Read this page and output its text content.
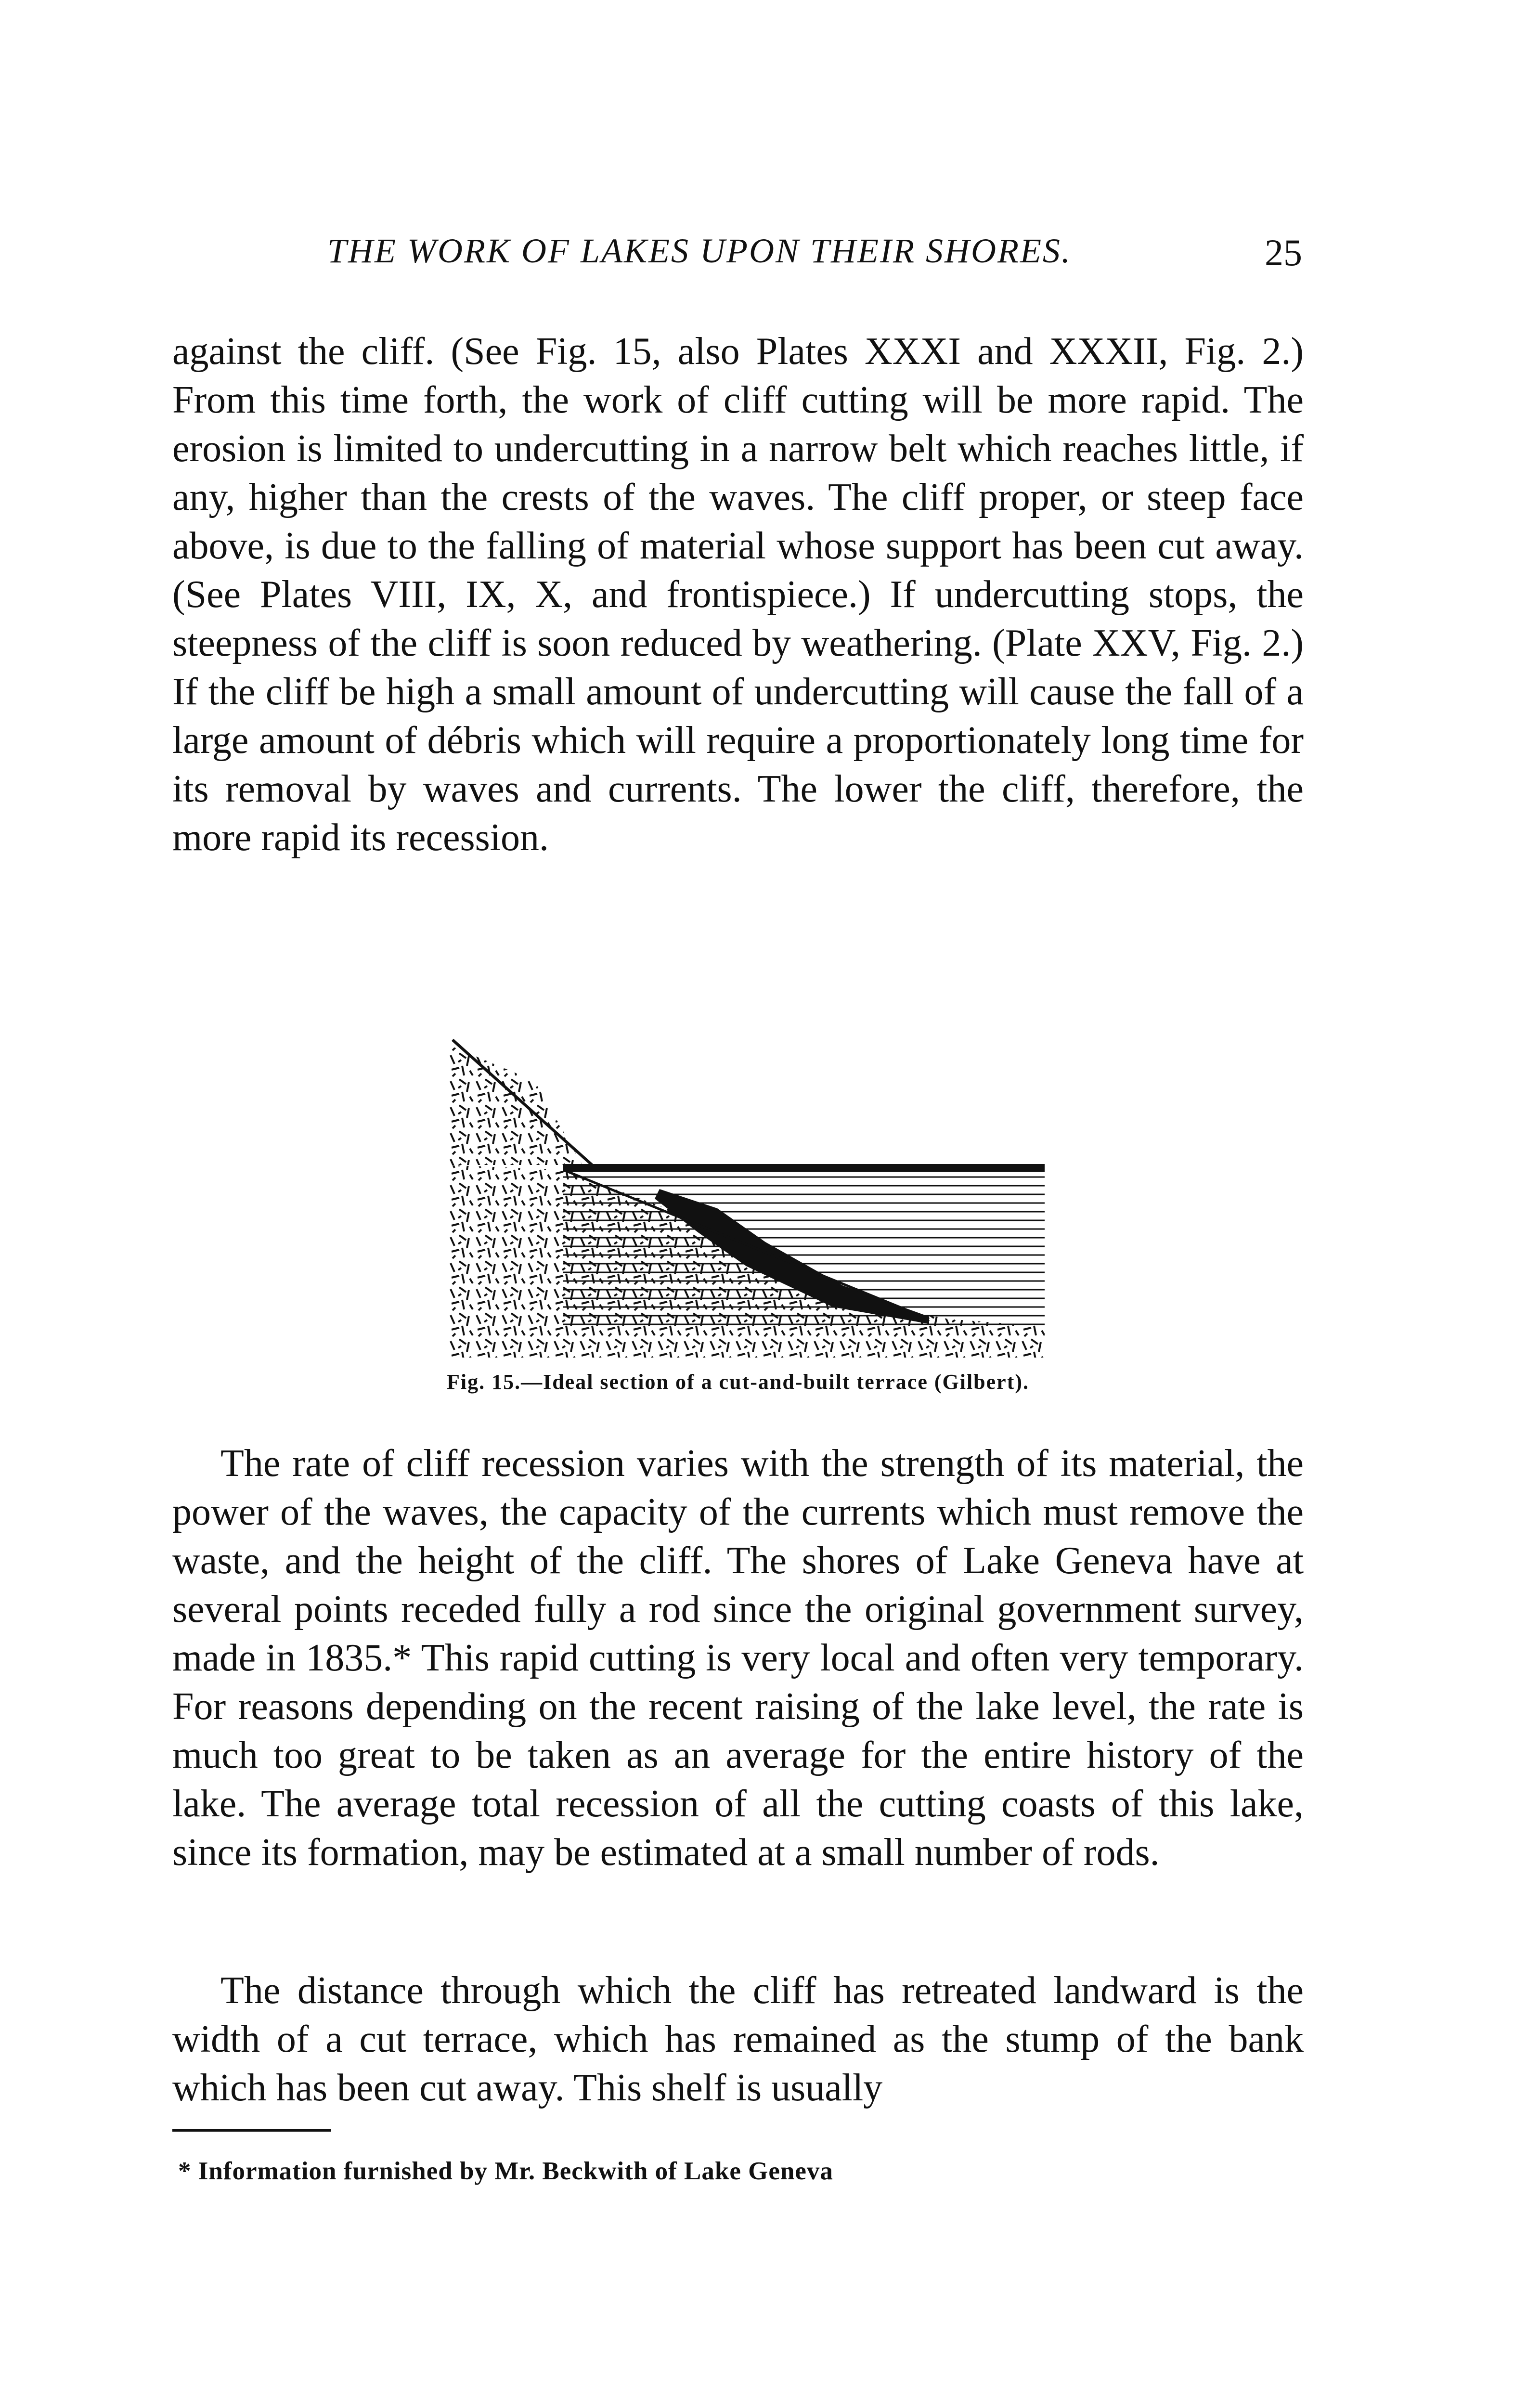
THE WORK OF LAKES UPON THEIR SHORES.	25

against the cliff. (See Fig. 15, also Plates XXXI and XXXII, Fig. 2.) From this time forth, the work of cliff cutting will be more rapid. The erosion is limited to undercutting in a narrow belt which reaches little, if any, higher than the crests of the waves. The cliff proper, or steep face above, is due to the falling of material whose support has been cut away. (See Plates VIII, IX, X, and frontispiece.) If undercutting stops, the steepness of the cliff is soon reduced by weathering. (Plate XXV, Fig. 2.) If the cliff be high a small amount of undercutting will cause the fall of a large amount of débris which will require a proportionately long time for its removal by waves and currents. The lower the cliff, therefore, the more rapid its recession.

Fig. 15.—Ideal section of a cut-and-built terrace (Gilbert).

The rate of cliff recession varies with the strength of its material, the power of the waves, the capacity of the currents which must remove the waste, and the height of the cliff. The shores of Lake Geneva have at several points receded fully a rod since the original government survey, made in 1835.* This rapid cutting is very local and often very temporary. For reasons depending on the recent raising of the lake level, the rate is much too great to be taken as an average for the entire history of the lake. The average total recession of all the cutting coasts of this lake, since its formation, may be estimated at a small number of rods.

The distance through which the cliff has retreated landward is the width of a cut terrace, which has remained as the stump of the bank which has been cut away. This shelf is usually

* Information furnished by Mr. Beckwith of Lake Geneva
